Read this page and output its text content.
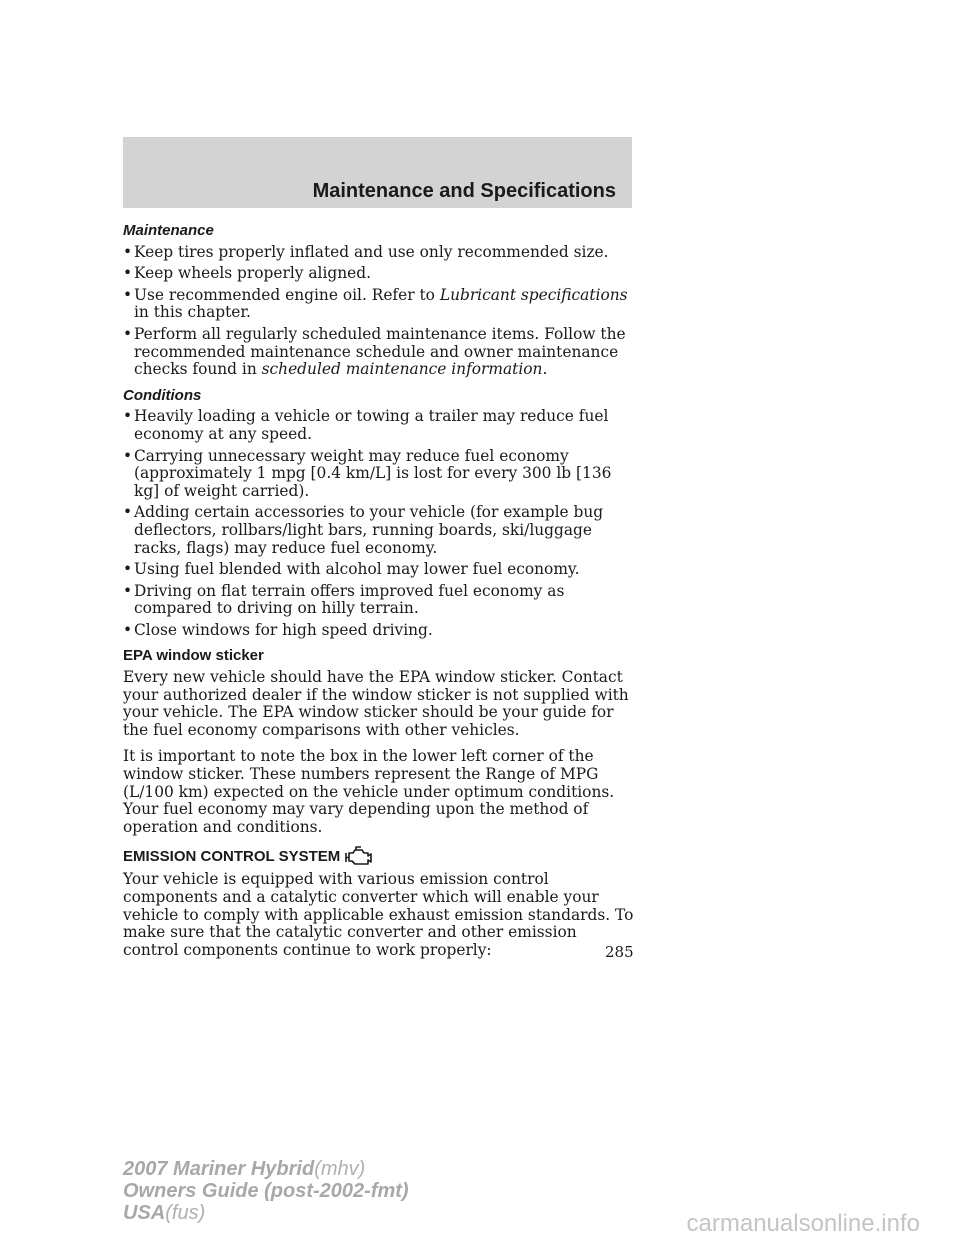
Maintenance and Specifications
Maintenance
• Keep tires properly inflated and use only recommended size.
• Keep wheels properly aligned.
• Use recommended engine oil. Refer to Lubricant specifications in this chapter.
• Perform all regularly scheduled maintenance items. Follow the recommended maintenance schedule and owner maintenance checks found in scheduled maintenance information.
Conditions
• Heavily loading a vehicle or towing a trailer may reduce fuel economy at any speed.
• Carrying unnecessary weight may reduce fuel economy (approximately 1 mpg [0.4 km/L] is lost for every 300 lb [136 kg] of weight carried).
• Adding certain accessories to your vehicle (for example bug deflectors, rollbars/light bars, running boards, ski/luggage racks, flags) may reduce fuel economy.
• Using fuel blended with alcohol may lower fuel economy.
• Driving on flat terrain offers improved fuel economy as compared to driving on hilly terrain.
• Close windows for high speed driving.
EPA window sticker

Every new vehicle should have the EPA window sticker. Contact your authorized dealer if the window sticker is not supplied with your vehicle. The EPA window sticker should be your guide for the fuel economy comparisons with other vehicles.

It is important to note the box in the lower left corner of the window sticker. These numbers represent the Range of MPG (L/100 km) expected on the vehicle under optimum conditions. Your fuel economy may vary depending upon the method of operation and conditions.

EMISSION CONTROL SYSTEM

Your vehicle is equipped with various emission control components and a catalytic converter which will enable your vehicle to comply with applicable exhaust emission standards. To make sure that the catalytic converter and other emission control components continue to work properly:	285
2007 Mariner Hybrid(mhv)
Owners Guide (post-2002-fmt)
USA(fus)	carmanualsonline.info
